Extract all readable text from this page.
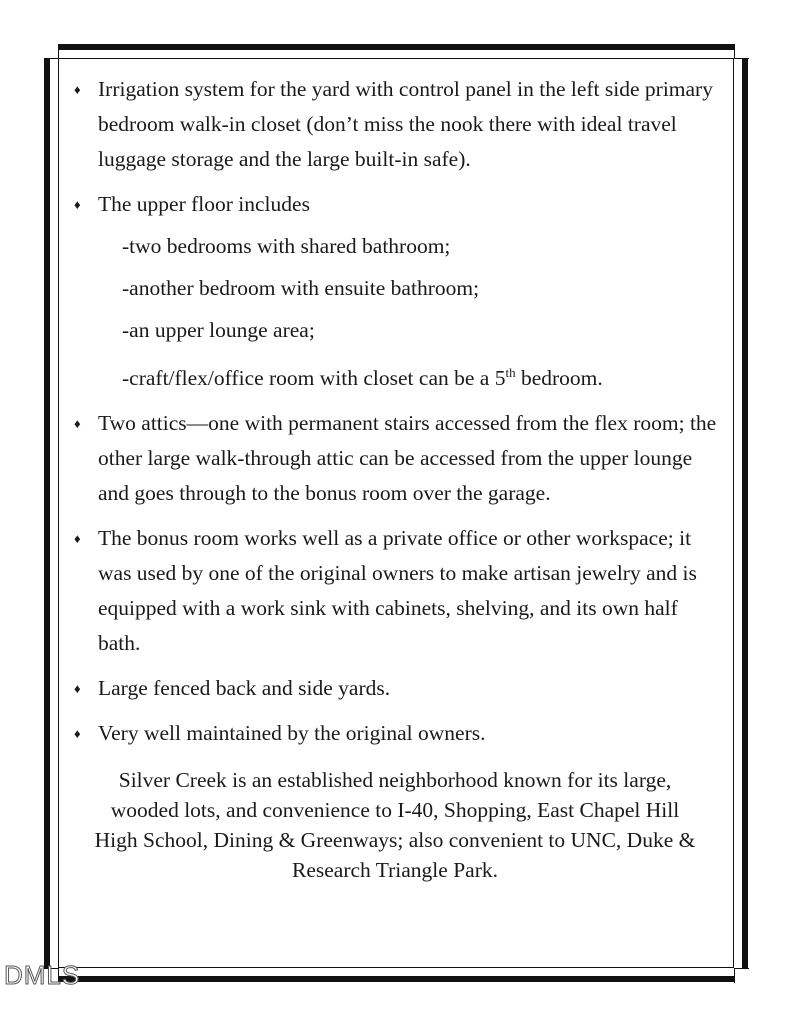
♦ Irrigation system for the yard with control panel in the left side primary bedroom walk-in closet (don’t miss the nook there with ideal travel luggage storage and the large built-in safe).
♦ The upper floor includes
-two bedrooms with shared bathroom;
-another bedroom with ensuite bathroom;
-an upper lounge area;
-craft/flex/office room with closet can be a 5th bedroom.
♦ Two attics—one with permanent stairs accessed from the flex room; the other large walk-through attic can be accessed from the upper lounge and goes through to the bonus room over the garage.
♦ The bonus room works well as a private office or other workspace; it was used by one of the original owners to make artisan jewelry and is equipped with a work sink with cabinets, shelving, and its own half bath.
♦ Large fenced back and side yards.
♦ Very well maintained by the original owners.
Silver Creek is an established neighborhood known for its large, wooded lots, and convenience to I-40, Shopping, East Chapel Hill High School, Dining & Greenways; also convenient to UNC, Duke & Research Triangle Park.
DMLS
